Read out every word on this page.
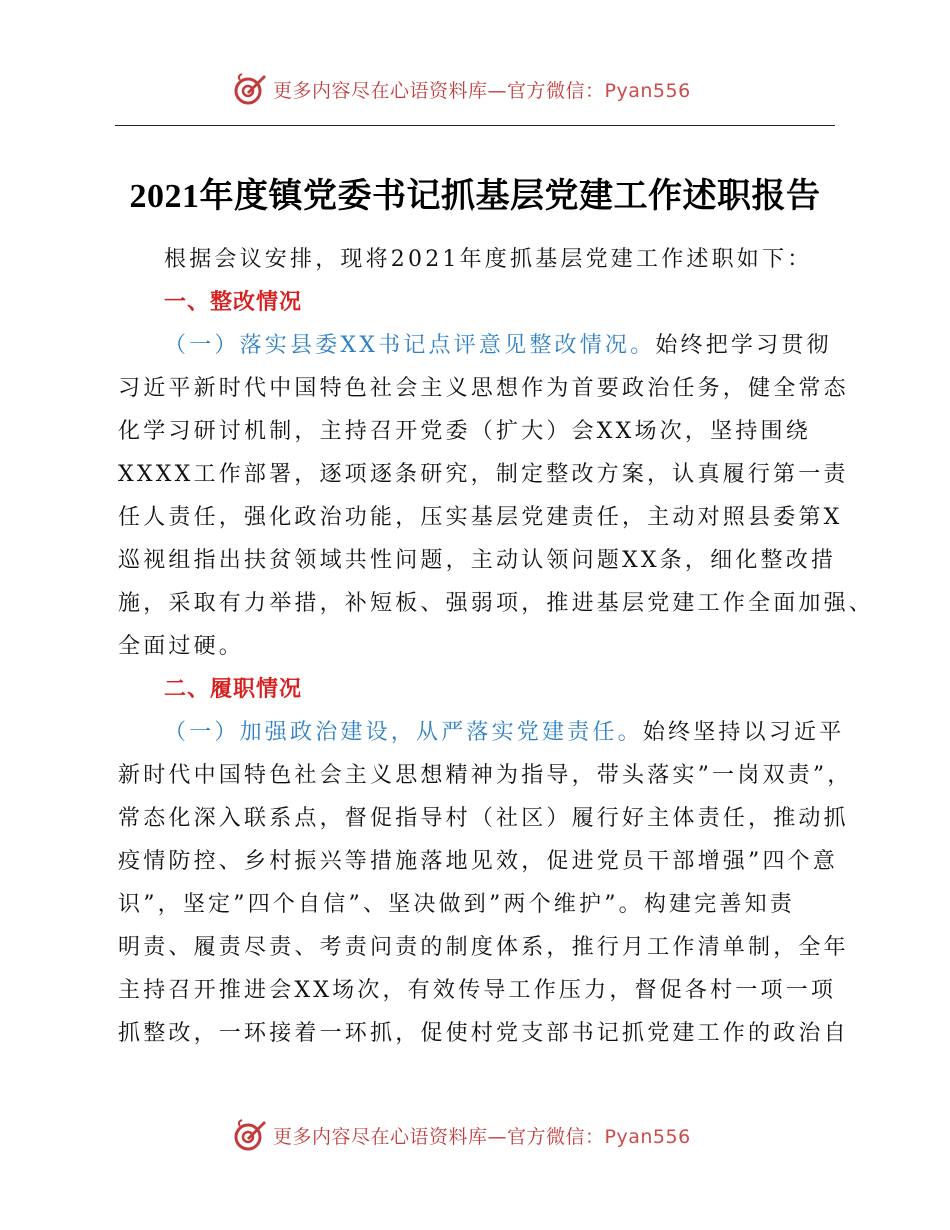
更多内容尽在心语资料库—官方微信：Pyan556
2021年度镇党委书记抓基层党建工作述职报告
根据会议安排，现将2021年度抓基层党建工作述职如下：
一、整改情况
（一）落实县委XX书记点评意见整改情况。始终把学习贯彻
习近平新时代中国特色社会主义思想作为首要政治任务，健全常态
化学习研讨机制，主持召开党委（扩大）会XX场次，坚持围绕
XXXX工作部署，逐项逐条研究，制定整改方案，认真履行第一责
任人责任，强化政治功能，压实基层党建责任，主动对照县委第X
巡视组指出扶贫领域共性问题，主动认领问题XX条，细化整改措
施，采取有力举措，补短板、强弱项，推进基层党建工作全面加强、
全面过硬。
二、履职情况
（一）加强政治建设，从严落实党建责任。始终坚持以习近平
新时代中国特色社会主义思想精神为指导，带头落实”一岗双责”，
常态化深入联系点，督促指导村（社区）履行好主体责任，推动抓
疫情防控、乡村振兴等措施落地见效，促进党员干部增强”四个意
识”，坚定”四个自信”、坚决做到”两个维护”。构建完善知责
明责、履责尽责、考责问责的制度体系，推行月工作清单制，全年
主持召开推进会XX场次，有效传导工作压力，督促各村一项一项
抓整改，一环接着一环抓，促使村党支部书记抓党建工作的政治自
更多内容尽在心语资料库—官方微信：Pyan556
